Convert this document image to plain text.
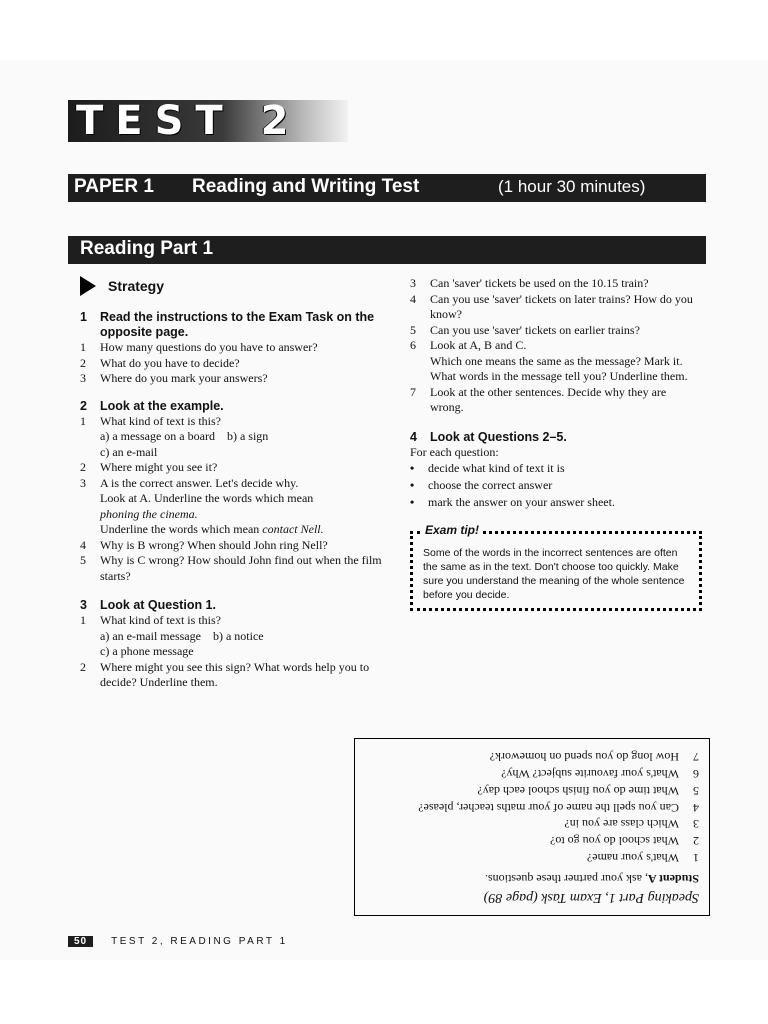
TEST 2
PAPER 1 Reading and Writing Test	(1 hour 30 minutes)
Reading Part 1
Strategy
1	Read the instructions to the Exam Task on the opposite page.
1	How many questions do you have to answer?
2	What do you have to decide?
3	Where do you mark your answers?
2	Look at the example.
1	What kind of text is this?
a) a message on a board    b) a sign
c) an e-mail
2	Where might you see it?
3	A is the correct answer. Let's decide why.
Look at A. Underline the words which mean
phoning the cinema.
Underline the words which mean contact Nell.
4	Why is B wrong? When should John ring Nell?
5	Why is C wrong? How should John find out when the film starts?
3	Look at Question 1.
1	What kind of text is this?
a) an e-mail message    b) a notice
c) a phone message
2	Where might you see this sign? What words help you to decide? Underline them.
3	Can 'saver' tickets be used on the 10.15 train?
4	Can you use 'saver' tickets on later trains? How do you know?
5	Can you use 'saver' tickets on earlier trains?
6	Look at A, B and C.
Which one means the same as the message? Mark it.
What words in the message tell you? Underline them.
7	Look at the other sentences. Decide why they are wrong.
4	Look at Questions 2–5.
For each question:
•	decide what kind of text it is
•	choose the correct answer
•	mark the answer on your answer sheet.
Exam tip!
Some of the words in the incorrect sentences are often the same as in the text. Don't choose too quickly. Make sure you understand the meaning of the whole sentence before you decide.
Speaking Part 1, Exam Task (page 89)
Student A, ask your partner these questions.
1
What's your name?
2
What school do you go to?
3
Which class are you in?
4
Can you spell the name of your maths teacher, please?
5
What time do you finish school each day?
6
What's your favourite subject? Why?
7
How long do you spend on homework?
50 TEST 2, READING PART 1
